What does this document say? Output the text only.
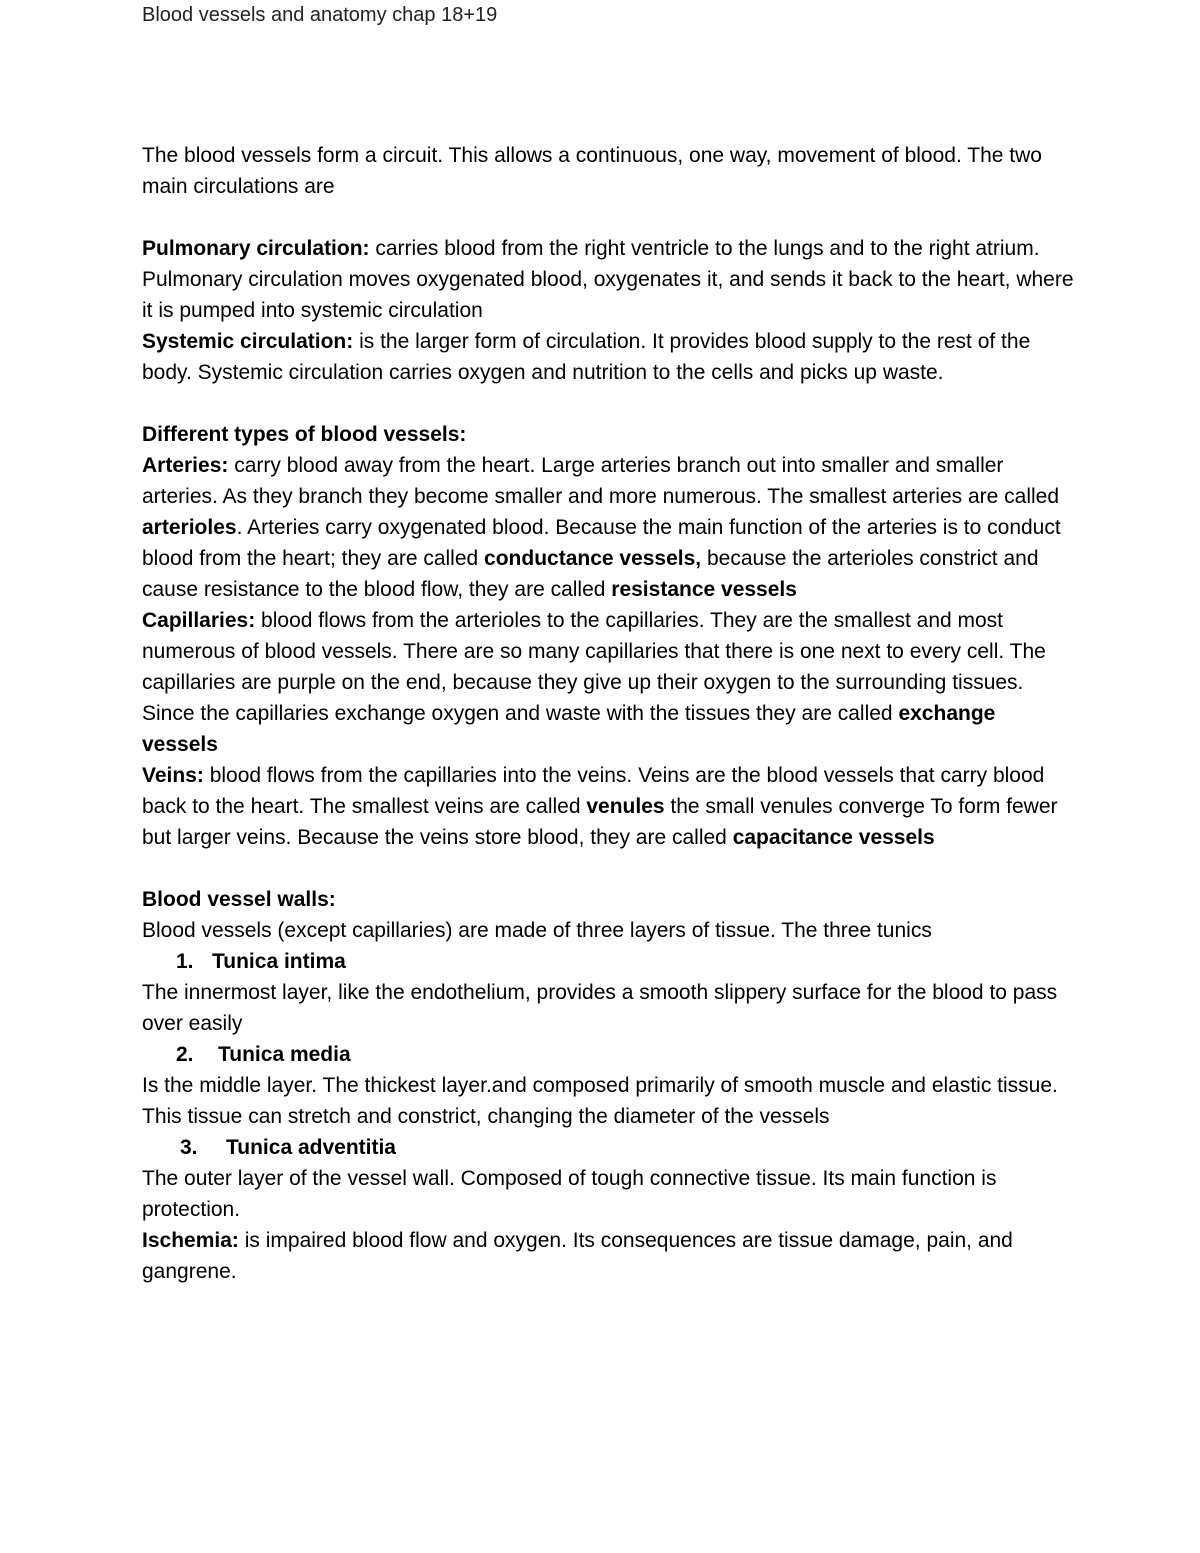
Blood vessels and anatomy chap 18+19

The blood vessels form a circuit. This allows a continuous, one way, movement of blood. The two main circulations are

Pulmonary circulation: carries blood from the right ventricle to the lungs and to the right atrium. Pulmonary circulation moves oxygenated blood, oxygenates it, and sends it back to the heart, where it is pumped into systemic circulation

Systemic circulation: is the larger form of circulation. It provides blood supply to the rest of the body. Systemic circulation carries oxygen and nutrition to the cells and picks up waste.

Different types of blood vessels:

Arteries: carry blood away from the heart. Large arteries branch out into smaller and smaller arteries. As they branch they become smaller and more numerous. The smallest arteries are called arterioles. Arteries carry oxygenated blood. Because the main function of the arteries is to conduct blood from the heart; they are called conductance vessels, because the arterioles constrict and cause resistance to the blood flow, they are called resistance vessels

Capillaries: blood flows from the arterioles to the capillaries. They are the smallest and most numerous of blood vessels. There are so many capillaries that there is one next to every cell. The capillaries are purple on the end, because they give up their oxygen to the surrounding tissues. Since the capillaries exchange oxygen and waste with the tissues they are called exchange vessels

Veins: blood flows from the capillaries into the veins. Veins are the blood vessels that carry blood back to the heart. The smallest veins are called venules the small venules converge To form fewer but larger veins. Because the veins store blood, they are called capacitance vessels

Blood vessel walls:

Blood vessels (except capillaries) are made of three layers of tissue. The three tunics

1. Tunica intima

The innermost layer, like the endothelium, provides a smooth slippery surface for the blood to pass over easily

2.	Tunica media

Is the middle layer. The thickest layer.and composed primarily of smooth muscle and elastic tissue. This tissue can stretch and constrict, changing the diameter of the vessels

3.	Tunica adventitia

The outer layer of the vessel wall. Composed of tough connective tissue. Its main function is protection.

Ischemia: is impaired blood flow and oxygen. Its consequences are tissue damage, pain, and gangrene.
